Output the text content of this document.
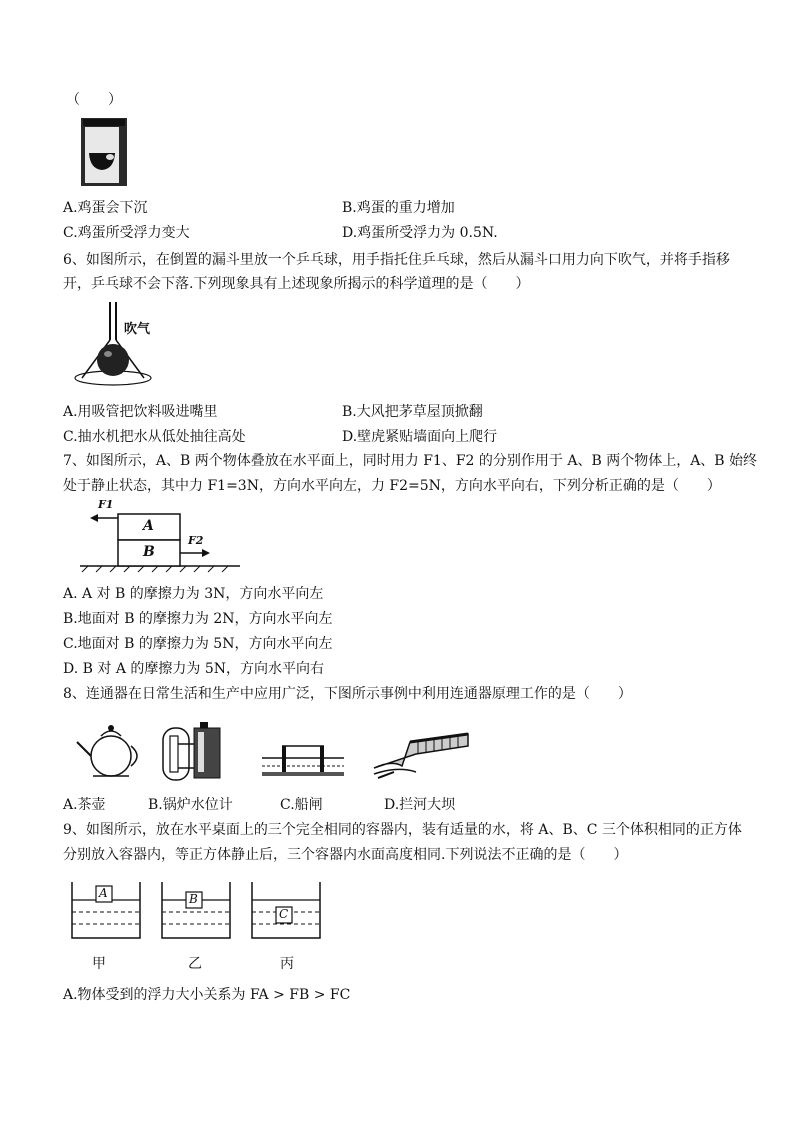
（　　）
A.鸡蛋会下沉	B.鸡蛋的重力增加
C.鸡蛋所受浮力变大	D.鸡蛋所受浮力为 0.5N.
6、如图所示，在倒置的漏斗里放一个乒乓球，用手指托住乒乓球，然后从漏斗口用力向下吹气，并将手指移
开，乒乓球不会下落.下列现象具有上述现象所揭示的科学道理的是（　　）
吹气
A.用吸管把饮料吸进嘴里	B.大风把茅草屋顶掀翻
C.抽水机把水从低处抽往高处	D.壁虎紧贴墙面向上爬行
7、如图所示，A、B 两个物体叠放在水平面上，同时用力 F1、F2 的分别作用于 A、B 两个物体上，A、B 始终
处于静止状态，其中力 F1=3N，方向水平向左，力 F2=5N，方向水平向右，下列分析正确的是（　　）
A
B
F1
F2
A. A 对 B 的摩擦力为 3N，方向水平向左
B.地面对 B 的摩擦力为 2N，方向水平向左
C.地面对 B 的摩擦力为 5N，方向水平向左
D. B 对 A 的摩擦力为 5N，方向水平向右
8、连通器在日常生活和生产中应用广泛，下图所示事例中利用连通器原理工作的是（　　）
A.茶壶	B.锅炉水位计	C.船闸	D.拦河大坝
9、如图所示，放在水平桌面上的三个完全相同的容器内，装有适量的水，将 A、B、C 三个体积相同的正方体
分别放入容器内，等正方体静止后，三个容器内水面高度相同.下列说法不正确的是（　　）
A	B
C
甲	乙	丙
A.物体受到的浮力大小关系为 FA > FB > FC
